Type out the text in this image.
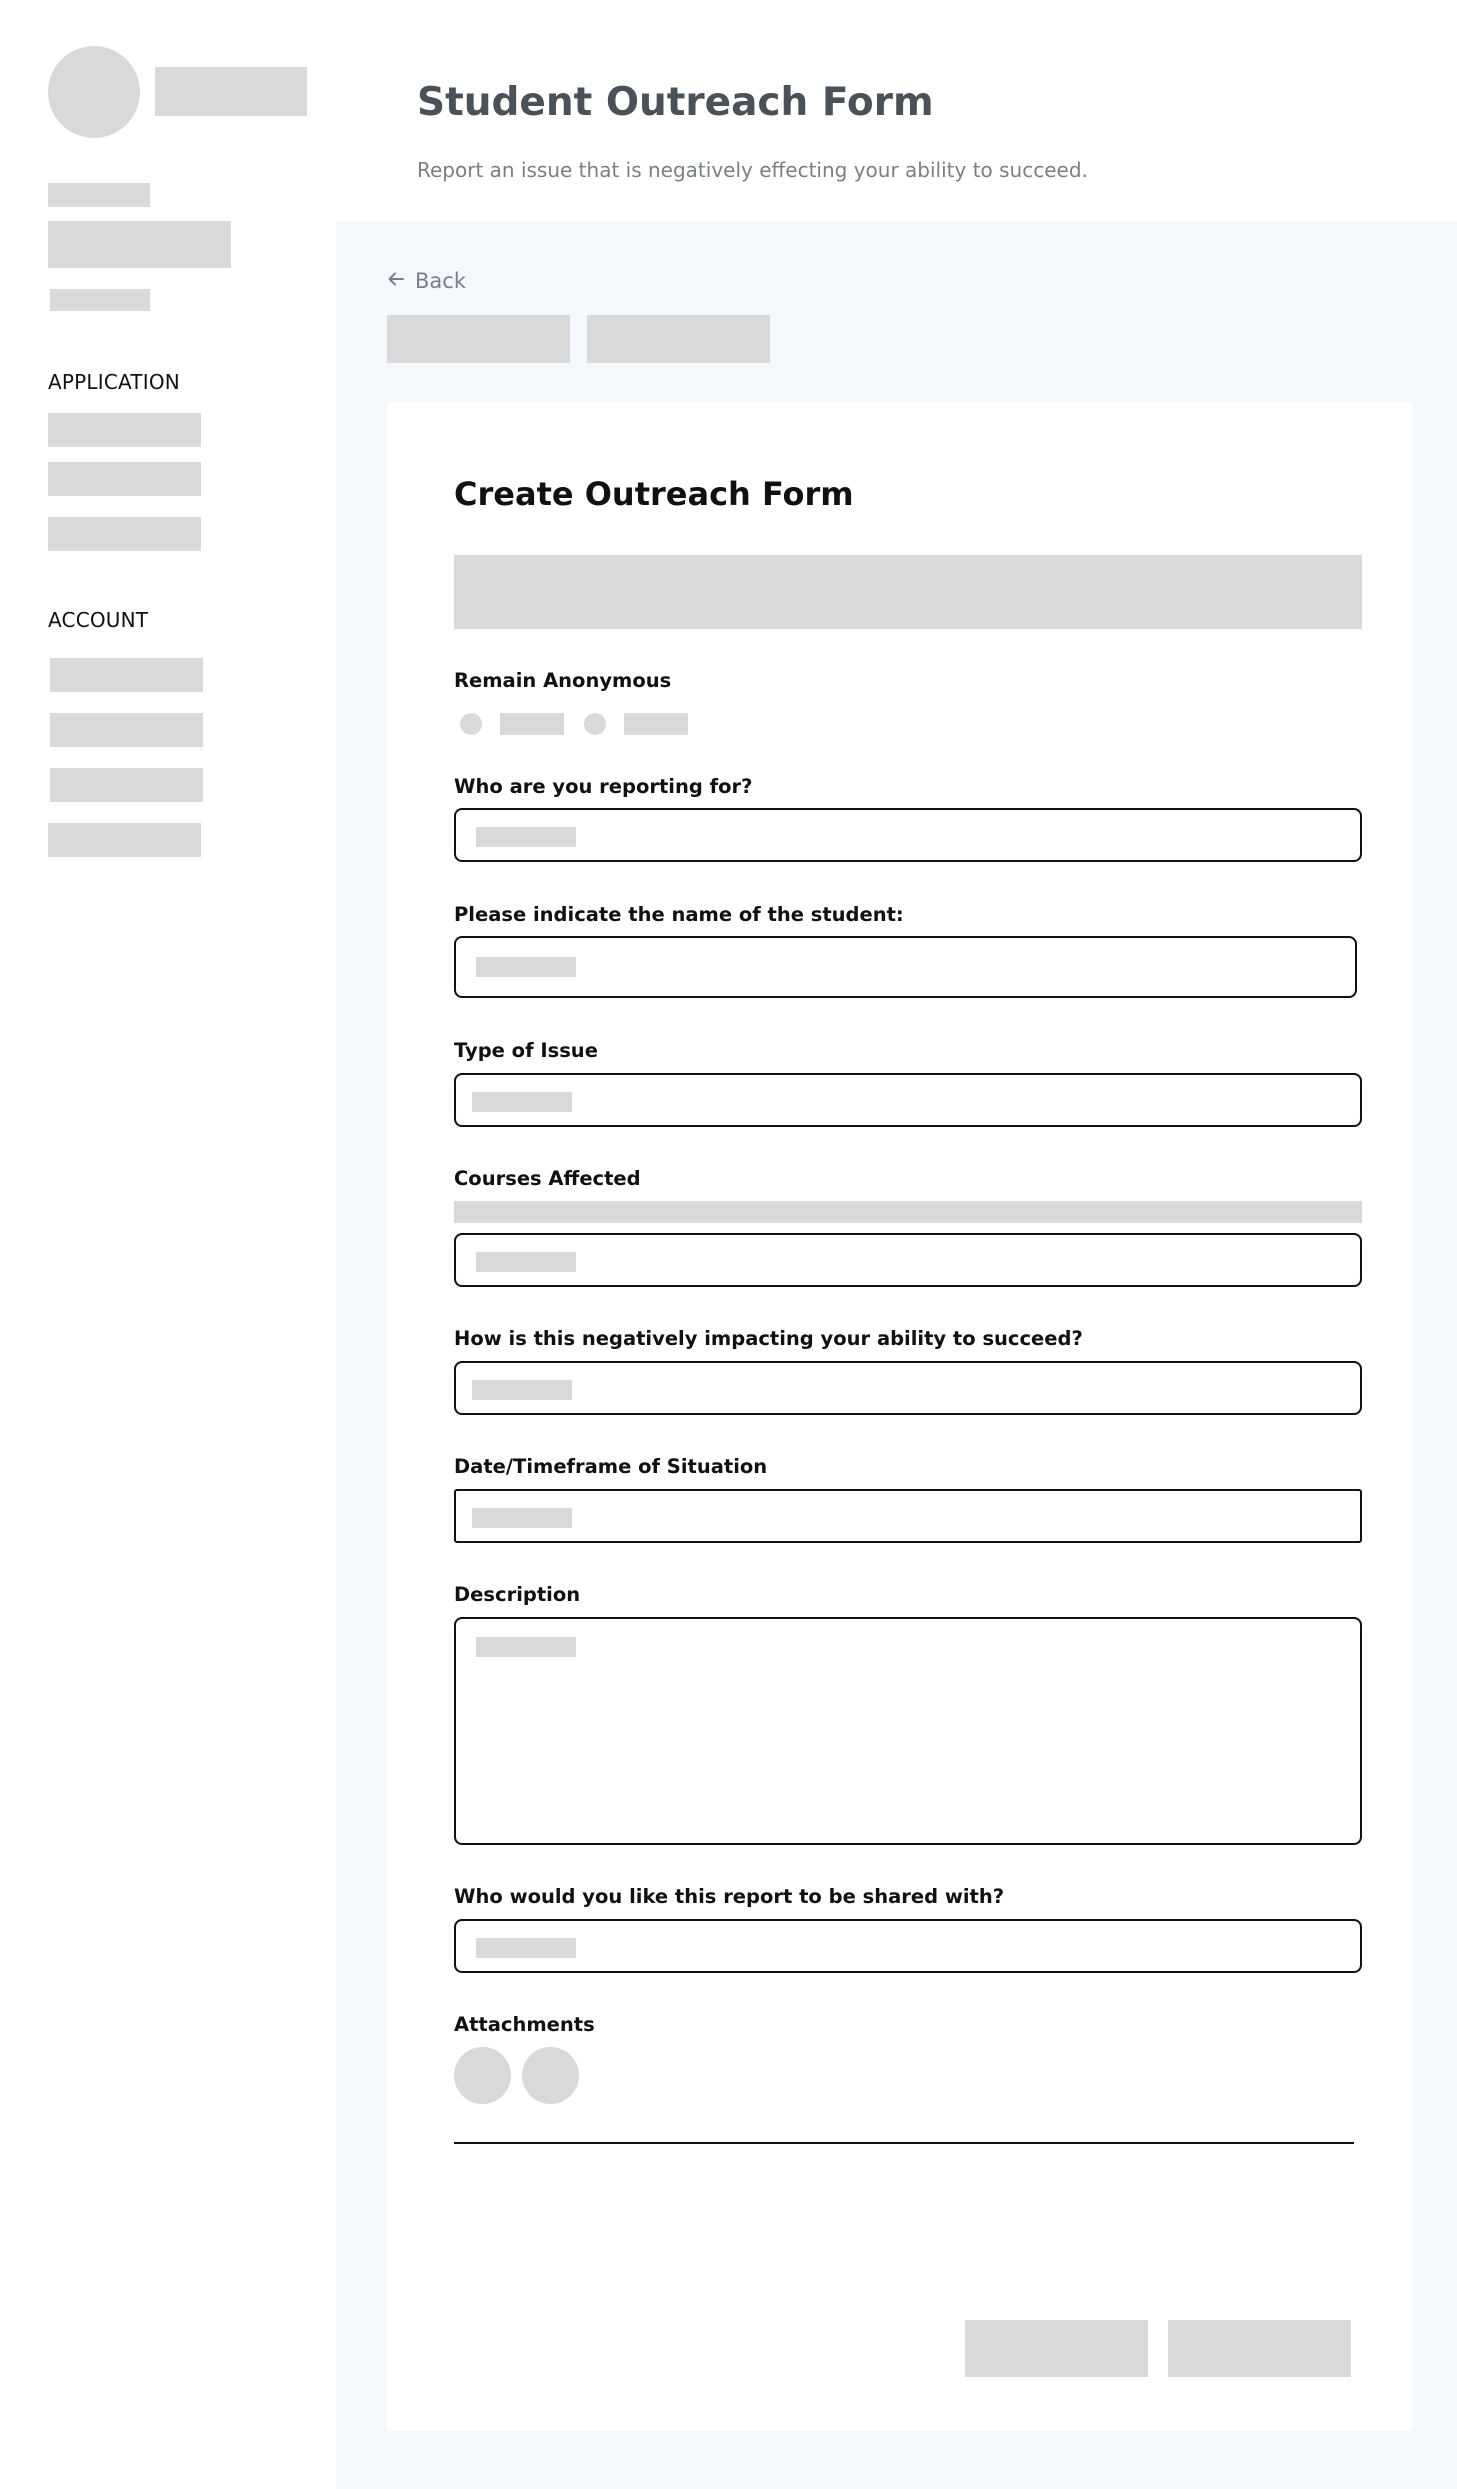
APPLICATION
ACCOUNT
Student Outreach Form

Report an issue that is negatively effecting your ability to succeed.

Back
Create Outreach Form
Remain Anonymous
Who are you reporting for?
Please indicate the name of the student:
Type of Issue
Courses Affected
How is this negatively impacting your ability to succeed?
Date/Timeframe of Situation
Description
Who would you like this report to be shared with?
Attachments
